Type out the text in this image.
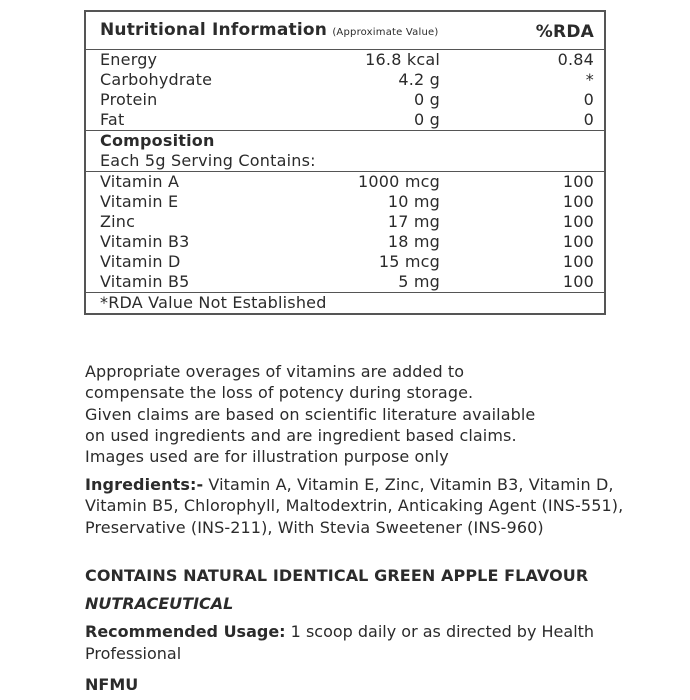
Nutritional Information (Approximate Value)		%RDA
Energy	16.8 kcal	0.84
Carbohydrate	4.2 g	*
Protein	0 g	0
Fat	0 g	0
Composition		
Each 5g Serving Contains:		
Vitamin A	1000 mcg	100
Vitamin E	10 mg	100
Zinc	17 mg	100
Vitamin B3	18 mg	100
Vitamin D	15 mcg	100
Vitamin B5	5 mg	100
*RDA Value Not Established		

Appropriate overages of vitamins are added to

compensate the loss of potency during storage.

Given claims are based on scientific literature available

on used ingredients and are ingredient based claims.

Images used are for illustration purpose only

Ingredients:- Vitamin A, Vitamin E, Zinc, Vitamin B3, Vitamin D, Vitamin B5, Chlorophyll, Maltodextrin, Anticaking Agent (INS-551), Preservative (INS-211), With Stevia Sweetener (INS-960)
CONTAINS NATURAL IDENTICAL GREEN APPLE FLAVOUR
NUTRACEUTICAL
Recommended Usage: 1 scoop daily or as directed by Health Professional
NFMU
